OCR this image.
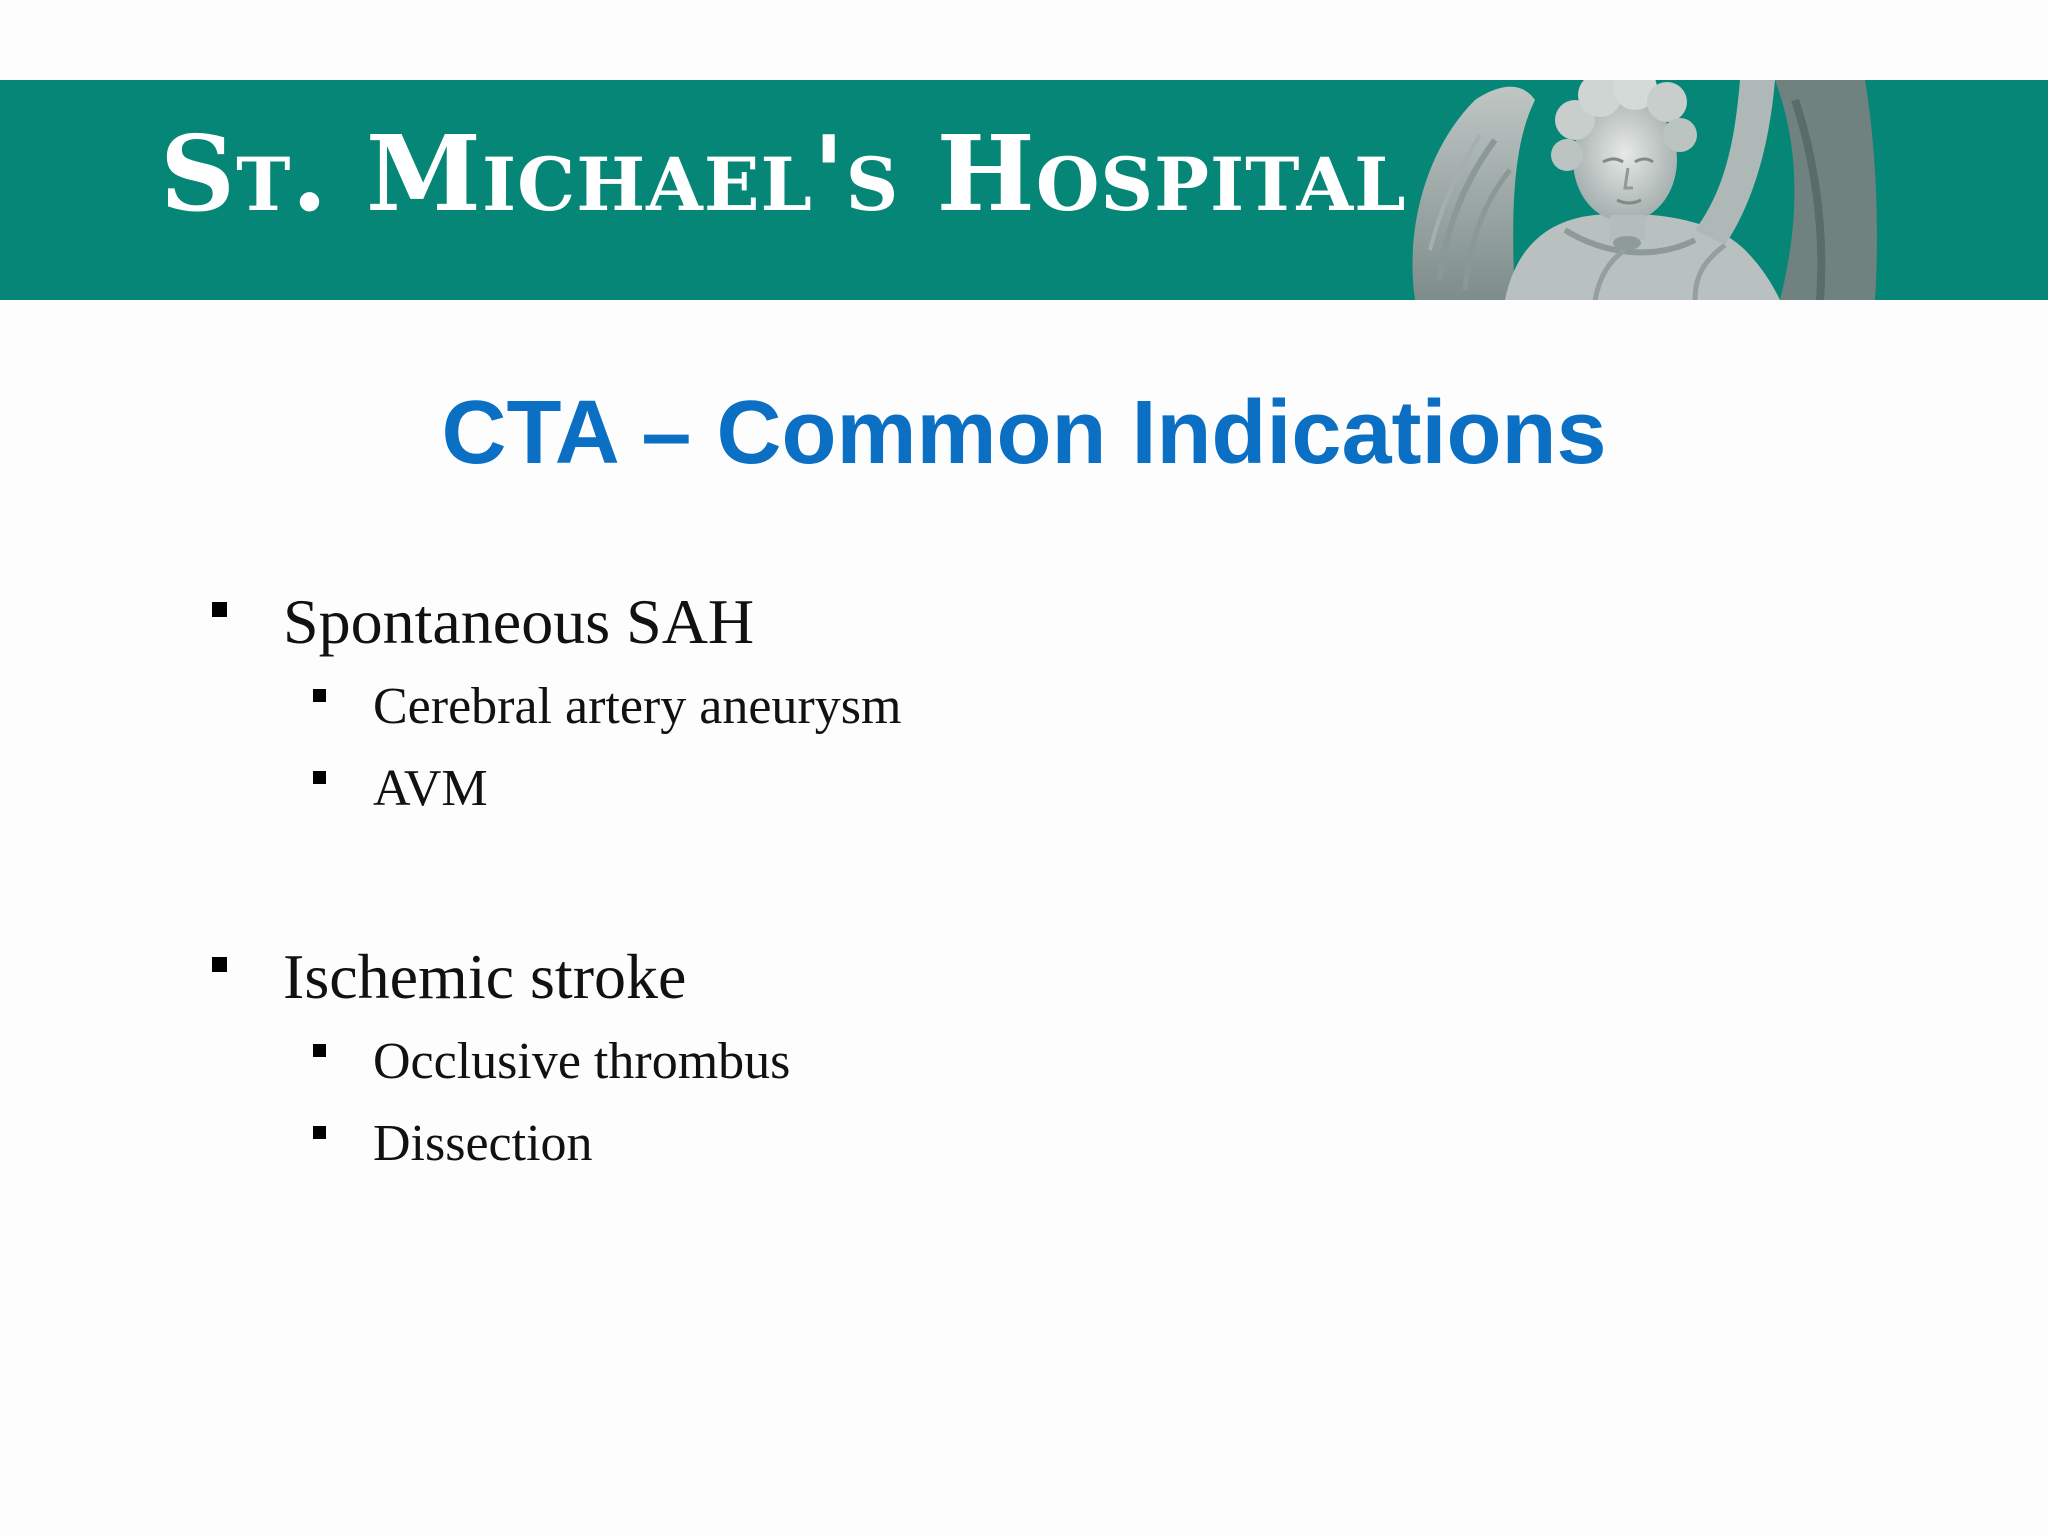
St. Michael's Hospital
CTA – Common Indications
Spontaneous SAH
Cerebral artery aneurysm
AVM
Ischemic stroke
Occlusive thrombus
Dissection
